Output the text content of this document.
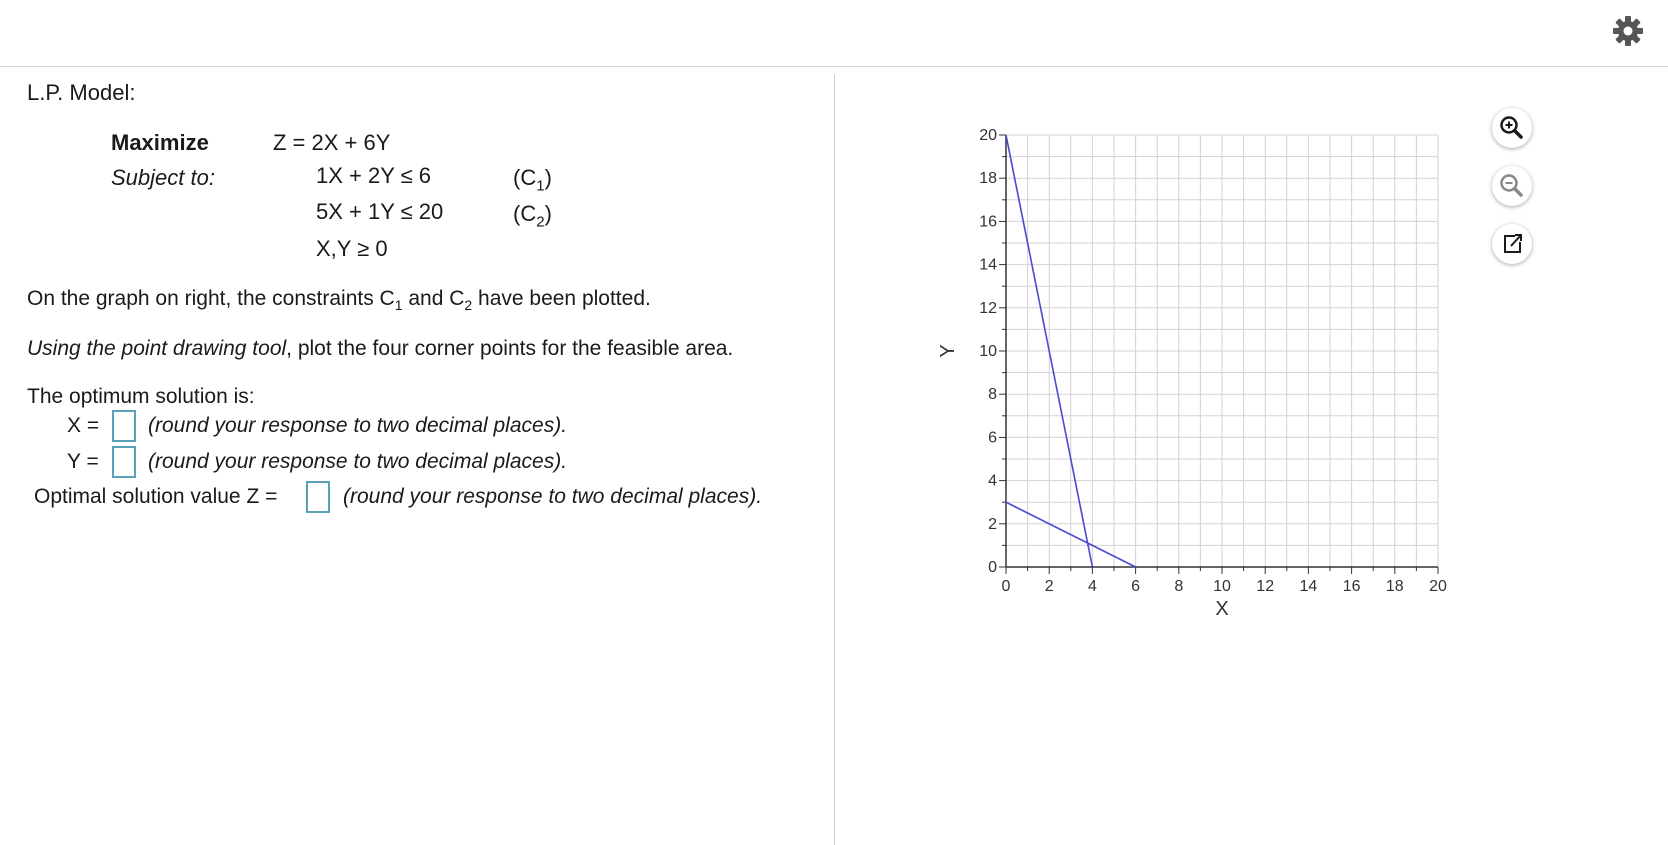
L.P. Model:
Maximize	Z = 2X + 6Y
Subject to:	1X + 2Y ≤ 6	$(C_1)$
5X + 1Y ≤ 20	$(C_2)$
X,Y ≥ 0
On the graph on right, the constraints $C_1$ and $C_2$ have been plotted.
Using the point drawing tool, plot the four corner points for the feasible area.
The optimum solution is:
X = (round your response to two decimal places).
Y = (round your response to two decimal places).
Optimal solution value Z =	(round your response to two decimal places).
0 2 4 6 8 10 12 14 16 18 20
0
2
4
6
8
10
12
14
16
18
20
X
Y
